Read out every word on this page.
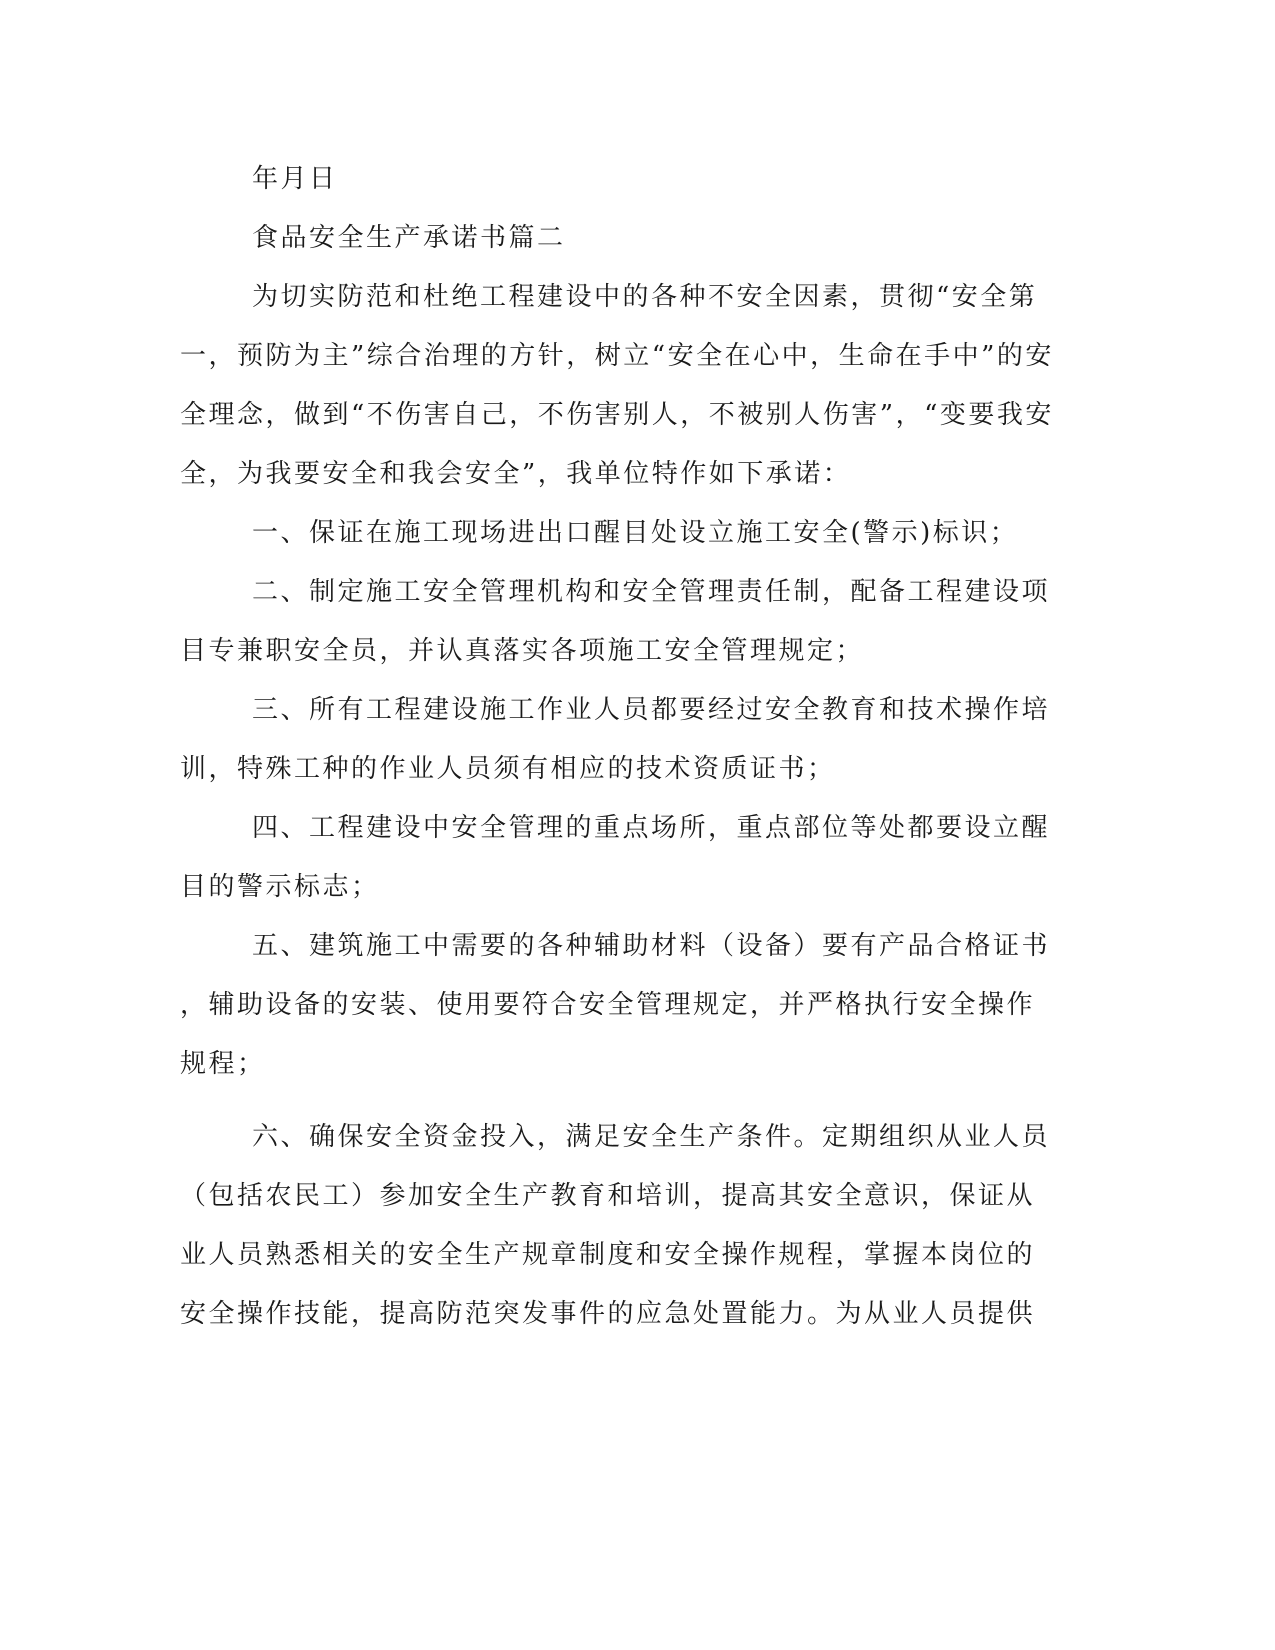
年月日
食品安全生产承诺书篇二
为切实防范和杜绝工程建设中的各种不安全因素，贯彻“安全第
一，预防为主”综合治理的方针，树立“安全在心中，生命在手中”的安
全理念，做到“不伤害自己，不伤害别人，不被别人伤害”，“变要我安
全，为我要安全和我会安全”，我单位特作如下承诺：
一、保证在施工现场进出口醒目处设立施工安全(警示)标识；
二、制定施工安全管理机构和安全管理责任制，配备工程建设项
目专兼职安全员，并认真落实各项施工安全管理规定；
三、所有工程建设施工作业人员都要经过安全教育和技术操作培
训，特殊工种的作业人员须有相应的技术资质证书；
四、工程建设中安全管理的重点场所，重点部位等处都要设立醒
目的警示标志；
五、建筑施工中需要的各种辅助材料（设备）要有产品合格证书
，辅助设备的安装、使用要符合安全管理规定，并严格执行安全操作
规程；
六、确保安全资金投入，满足安全生产条件。定期组织从业人员
（包括农民工）参加安全生产教育和培训，提高其安全意识，保证从
业人员熟悉相关的安全生产规章制度和安全操作规程，掌握本岗位的
安全操作技能，提高防范突发事件的应急处置能力。为从业人员提供
